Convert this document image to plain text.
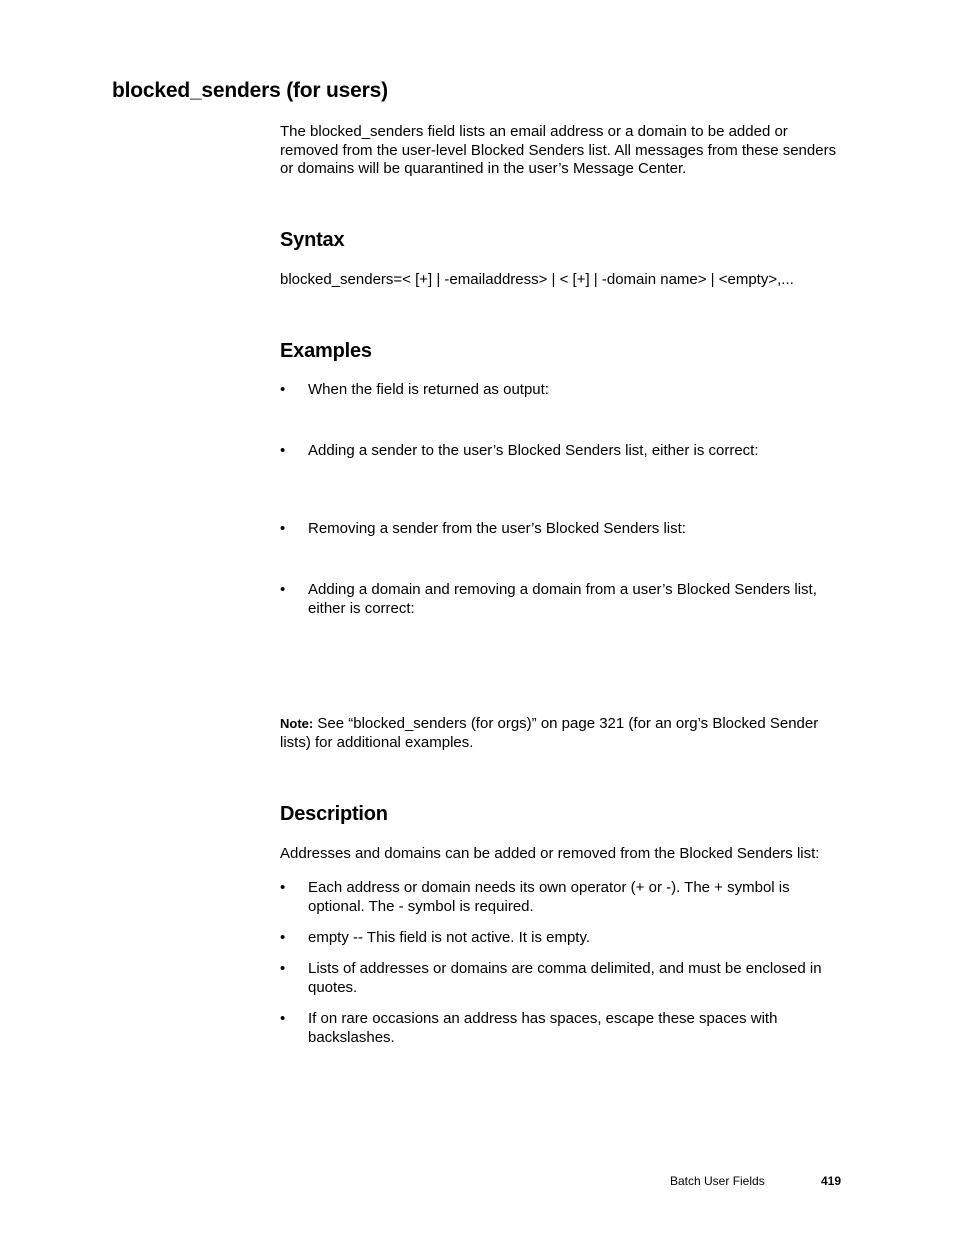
blocked_senders (for users)

The blocked_senders field lists an email address or a domain to be added or removed from the user-level Blocked Senders list. All messages from these senders or domains will be quarantined in the user’s Message Center.

Syntax

blocked_senders=< [+] | -emailaddress> | < [+] | -domain name> | <empty>,...

Examples
• When the field is returned as output:
• Adding a sender to the user’s Blocked Senders list, either is correct:
• Removing a sender from the user’s Blocked Senders list:
• Adding a domain and removing a domain from a user’s Blocked Senders list, either is correct:

Note: See “blocked_senders (for orgs)” on page 321 (for an org’s Blocked Sender lists) for additional examples.

Description

Addresses and domains can be added or removed from the Blocked Senders list:

• Each address or domain needs its own operator (+ or -). The + symbol is optional. The - symbol is required.
• empty -- This field is not active. It is empty.
• Lists of addresses or domains are comma delimited, and must be enclosed in quotes.
• If on rare occasions an address has spaces, escape these spaces with backslashes.
Batch User Fields	419
